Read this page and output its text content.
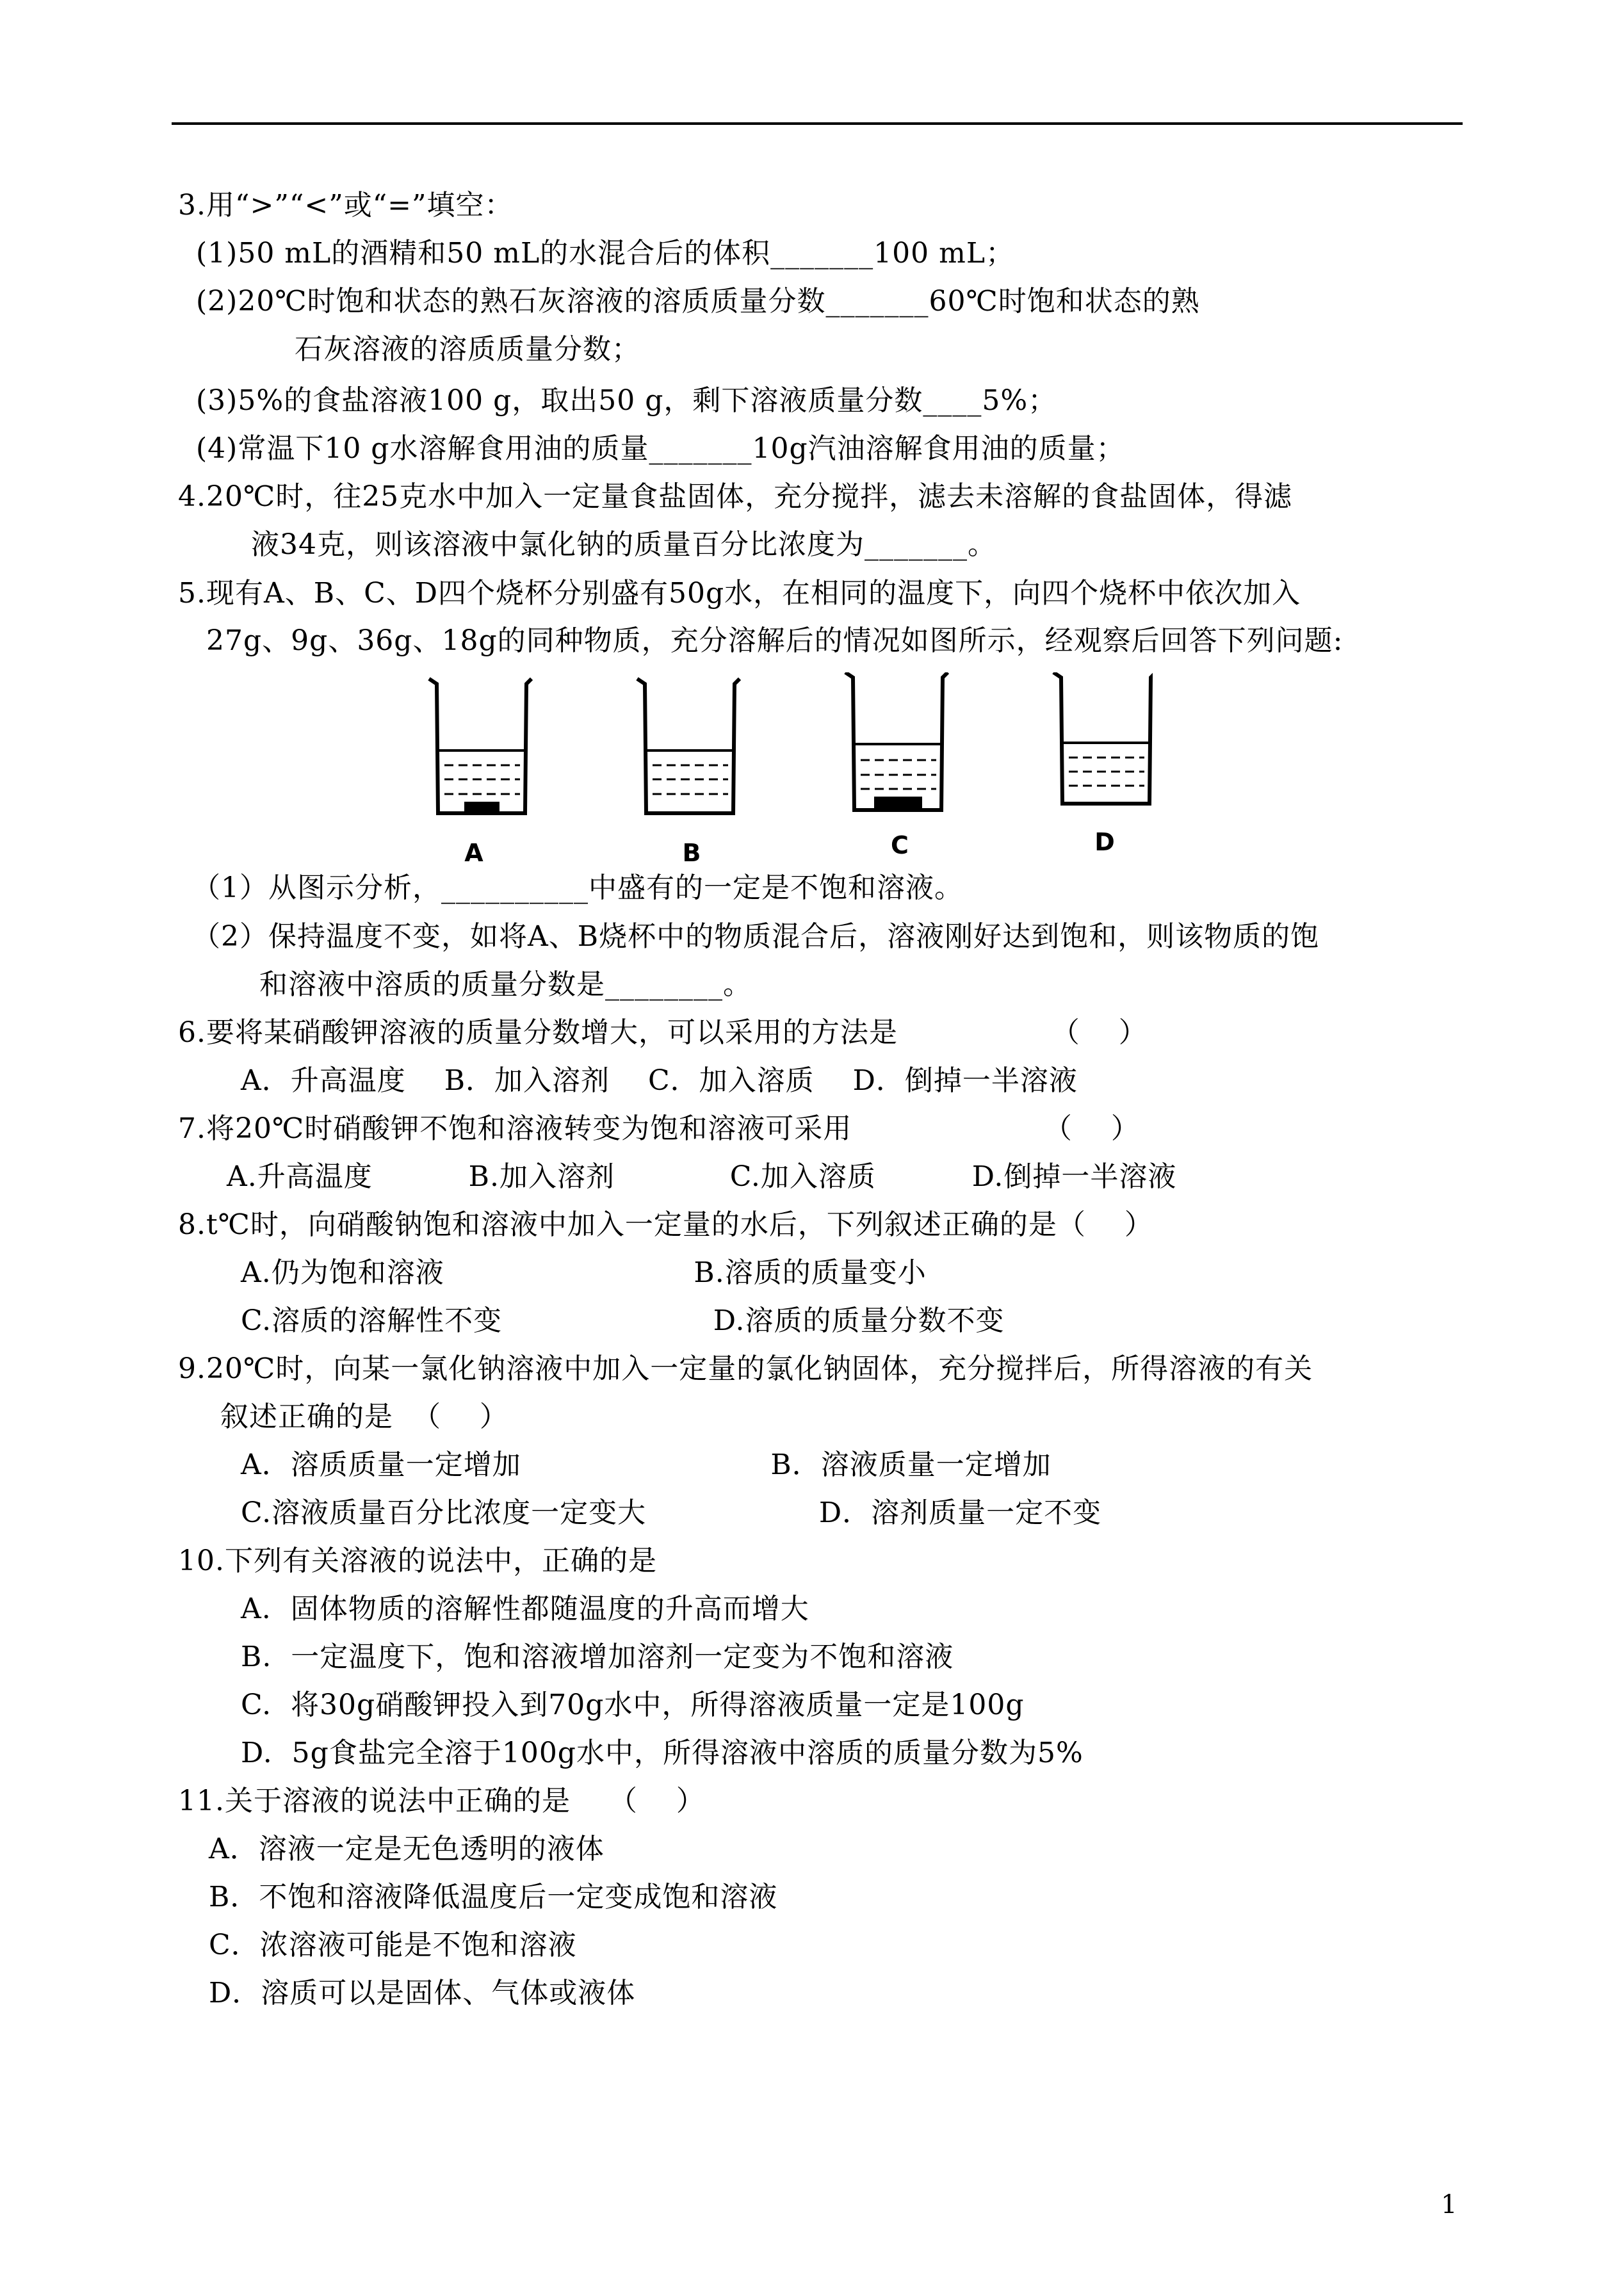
3.用“>”“<”或“=”填空：
(1)50 mL的酒精和50 mL的水混合后的体积_______100 mL；
(2)20℃时饱和状态的熟石灰溶液的溶质质量分数_______60℃时饱和状态的熟
石灰溶液的溶质质量分数；
(3)5%的食盐溶液100 g，取出50 g，剩下溶液质量分数____5%；
(4)常温下10 g水溶解食用油的质量_______10g汽油溶解食用油的质量；
4.20℃时，往25克水中加入一定量食盐固体，充分搅拌，滤去未溶解的食盐固体，得滤
液34克，则该溶液中氯化钠的质量百分比浓度为_______。
5.现有A、B、C、D四个烧杯分别盛有50g水，在相同的温度下，向四个烧杯中依次加入
27g、9g、36g、18g的同种物质，充分溶解后的情况如图所示，经观察后回答下列问题:
A	B	C	D
（1）从图示分析，__________中盛有的一定是不饱和溶液。
（2）保持温度不变，如将A、B烧杯中的物质混合后，溶液刚好达到饱和，则该物质的饱
和溶液中溶质的质量分数是________。
6.要将某硝酸钾溶液的质量分数增大，可以采用的方法是                （    ）
A．升高温度    B．加入溶剂    C．加入溶质    D．倒掉一半溶液
7.将20℃时硝酸钾不饱和溶液转变为饱和溶液可采用                    （    ）
A.升高温度          B.加入溶剂            C.加入溶质          D.倒掉一半溶液
8.t℃时，向硝酸钠饱和溶液中加入一定量的水后，下列叙述正确的是（    ）
A.仍为饱和溶液                          B.溶质的质量变小
C.溶质的溶解性不变                      D.溶质的质量分数不变
9.20℃时，向某一氯化钠溶液中加入一定量的氯化钠固体，充分搅拌后，所得溶液的有关
叙述正确的是  （    ）
A．溶质质量一定增加                          B．溶液质量一定增加
C.溶液质量百分比浓度一定变大                  D．溶剂质量一定不变
10.下列有关溶液的说法中，正确的是
A.  固体物质的溶解性都随温度的升高而增大
B.  一定温度下，饱和溶液增加溶剂一定变为不饱和溶液
C.  将30g硝酸钾投入到70g水中，所得溶液质量一定是100g
D.  5g食盐完全溶于100g水中，所得溶液中溶质的质量分数为5%
11.关于溶液的说法中正确的是    （    ）
A．溶液一定是无色透明的液体
B．不饱和溶液降低温度后一定变成饱和溶液
C．浓溶液可能是不饱和溶液
D．溶质可以是固体、气体或液体
1
